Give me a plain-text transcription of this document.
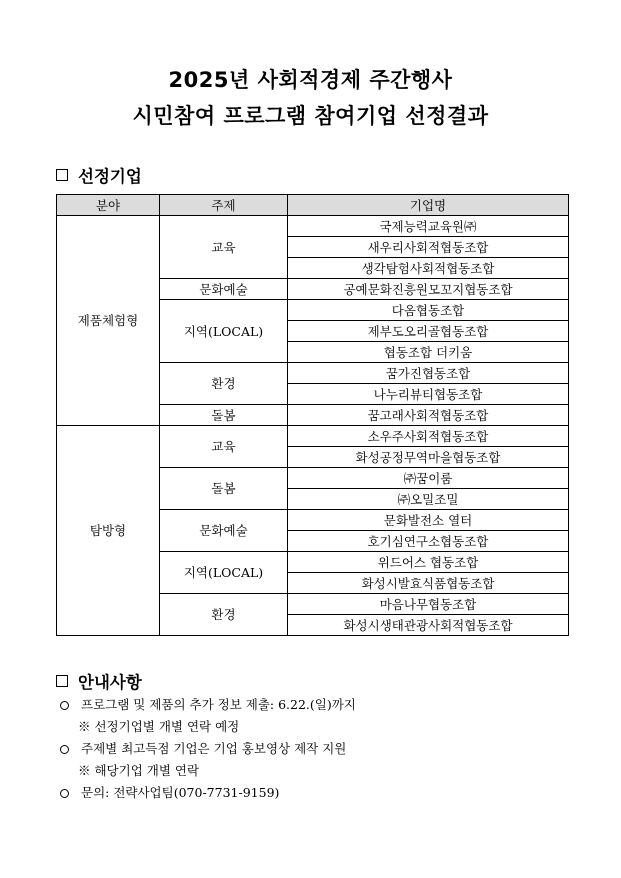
2025년 사회적경제 주간행사
시민참여 프로그램 참여기업 선정결과
선정기업
분야	주제	기업명
제품체험형	교육	국제능력교육원㈜
		새우리사회적협동조합
		생각탐험사회적협동조합
	문화예술	공예문화진흥원모꼬지협동조합
	지역(LOCAL)	다옴협동조합
		제부도오리골협동조합
		협동조합 더키움
	환경	꿈가진협동조합
		나누리뷰티협동조합
	돌봄	꿈고래사회적협동조합
탐방형	교육	소우주사회적협동조합
		화성공정무역마을협동조합
	돌봄	㈜꿈이룸
		㈜오밀조밀
	문화예술	문화발전소 열터
		호기심연구소협동조합
	지역(LOCAL)	위드어스 협동조합
		화성시발효식품협동조합
	환경	마음나무협동조합
		화성시생태관광사회적협동조합
안내사항
프로그램 및 제품의 추가 정보 제출: 6.22.(일)까지
※ 선정기업별 개별 연락 예정
주제별 최고득점 기업은 기업 홍보영상 제작 지원
※ 해당기업 개별 연락
문의: 전략사업팀(070-7731-9159)
